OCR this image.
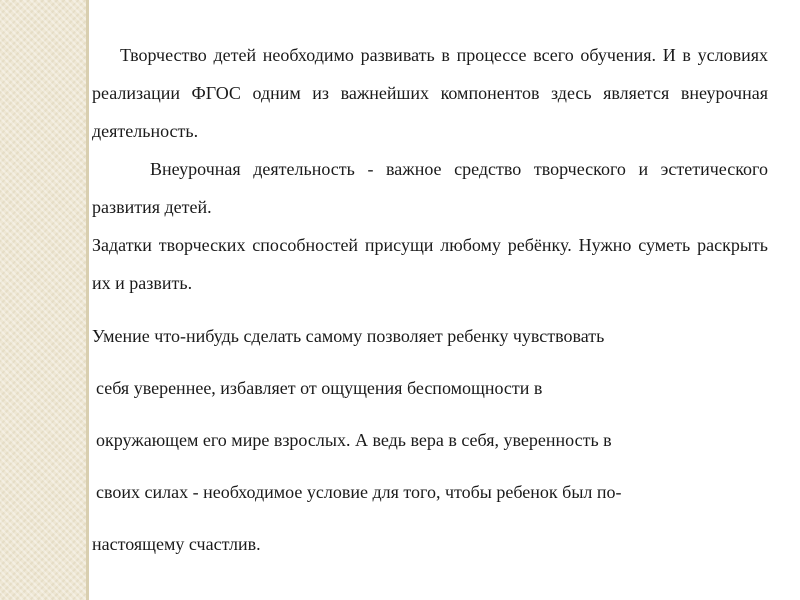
Творчество детей необходимо развивать в процессе всего обучения. И в условиях реализации ФГОС одним из важнейших компонентов здесь является внеурочная деятельность.

Внеурочная деятельность - важное средство творческого и эстетического развития детей.

Задатки творческих способностей присущи любому ребёнку. Нужно суметь раскрыть их и развить.

Умение что-нибудь сделать самому позволяет ребенку чувствовать

себя увереннее, избавляет от ощущения беспомощности в

окружающем его мире взрослых. А ведь вера в себя, уверенность в

своих силах - необходимое условие для того, чтобы ребенок был по-

настоящему счастлив.
